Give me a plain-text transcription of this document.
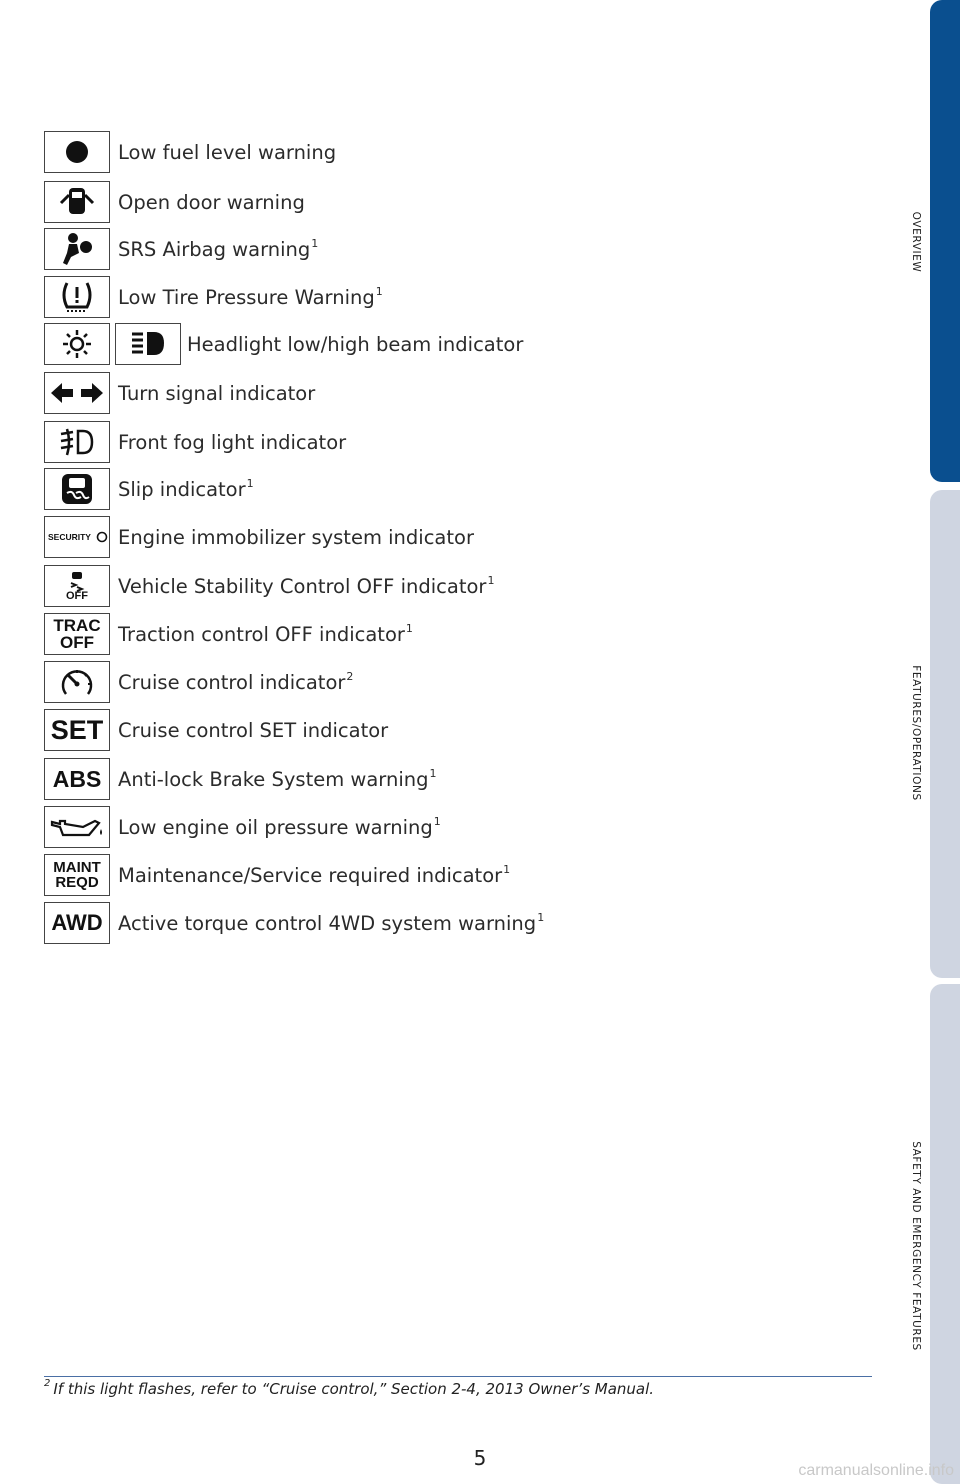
OVERVIEW
FEATURES/OPERATIONS
SAFETY AND EMERGENCY FEATURES
Low fuel level warning
Open door warning
SRS Airbag warning$^1$
Low Tire Pressure Warning$^1$
Headlight low/high beam indicator
Turn signal indicator
Front fog light indicator
Slip indicator$^1$
SECURITY Engine immobilizer system indicator
OFF Vehicle Stability Control OFF indicator$^1$
TRAC
OFF Traction control OFF indicator$^1$
Cruise control indicator$^2$
SET Cruise control SET indicator
ABS Anti-lock Brake System warning$^1$
Low engine oil pressure warning$^1$
MAINT
REQD Maintenance/Service required indicator$^1$
AWD Active torque control 4WD system warning$^1$
$^2$ If this light flashes, refer to “Cruise control,” Section 2-4, 2013 Owner’s Manual.
5
carmanualsonline.info
